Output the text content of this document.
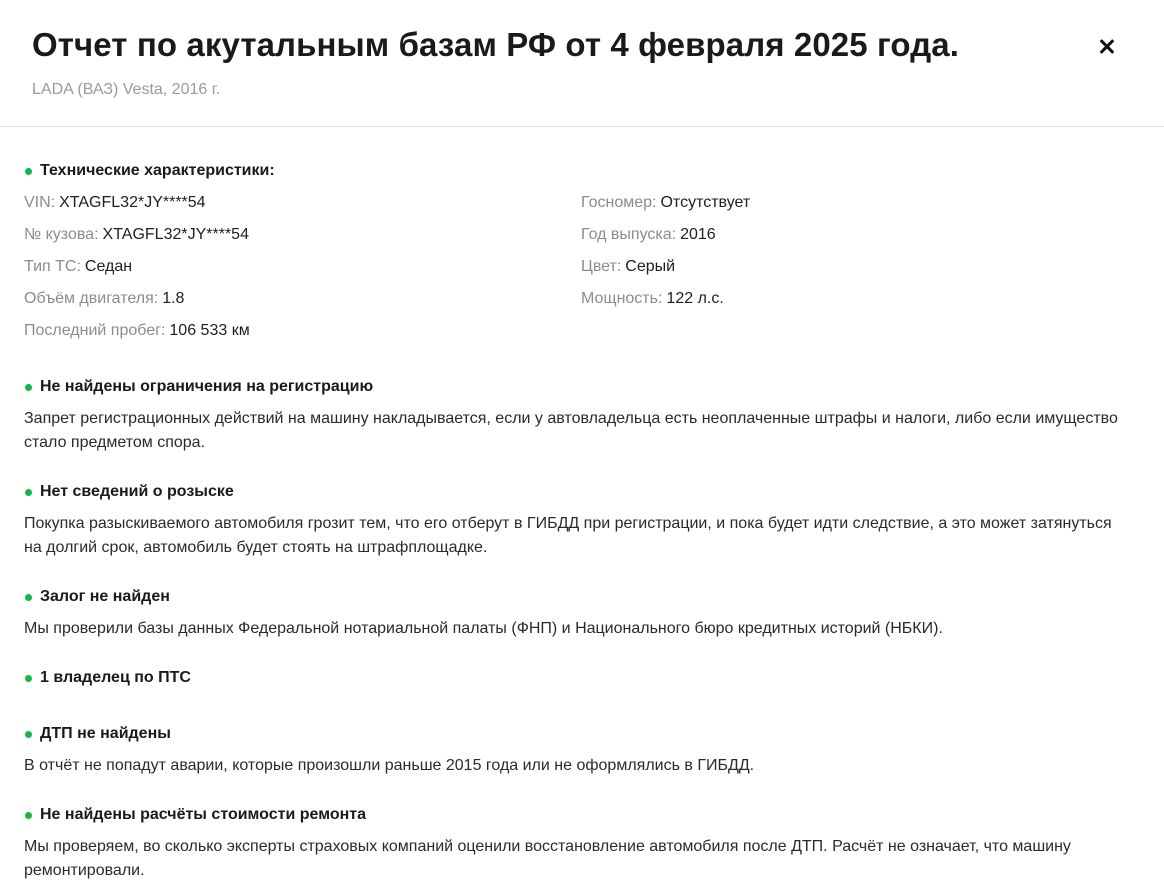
Отчет по акутальным базам РФ от 4 февраля 2025 года.
LADA (ВАЗ) Vesta, 2016 г.
Технические характеристики:
VIN: XTAGFL32*JY****54	Госномер: Отсутствует
№ кузова: XTAGFL32*JY****54	Год выпуска: 2016
Тип ТС: Седан	Цвет: Серый
Объём двигателя: 1.8	Мощность: 122 л.с.
Последний пробег: 106 533 км
Не найдены ограничения на регистрацию
Запрет регистрационных действий на машину накладывается, если у автовладельца есть неоплаченные штрафы и налоги, либо если имущество стало предметом спора.
Нет сведений о розыске
Покупка разыскиваемого автомобиля грозит тем, что его отберут в ГИБДД при регистрации, и пока будет идти следствие, а это может затянуться на долгий срок, автомобиль будет стоять на штрафплощадке.
Залог не найден
Мы проверили базы данных Федеральной нотариальной палаты (ФНП) и Национального бюро кредитных историй (НБКИ).
1 владелец по ПТС
ДТП не найдены
В отчёт не попадут аварии, которые произошли раньше 2015 года или не оформлялись в ГИБДД.
Не найдены расчёты стоимости ремонта
Мы проверяем, во сколько эксперты страховых компаний оценили восстановление автомобиля после ДТП. Расчёт не означает, что машину ремонтировали.
